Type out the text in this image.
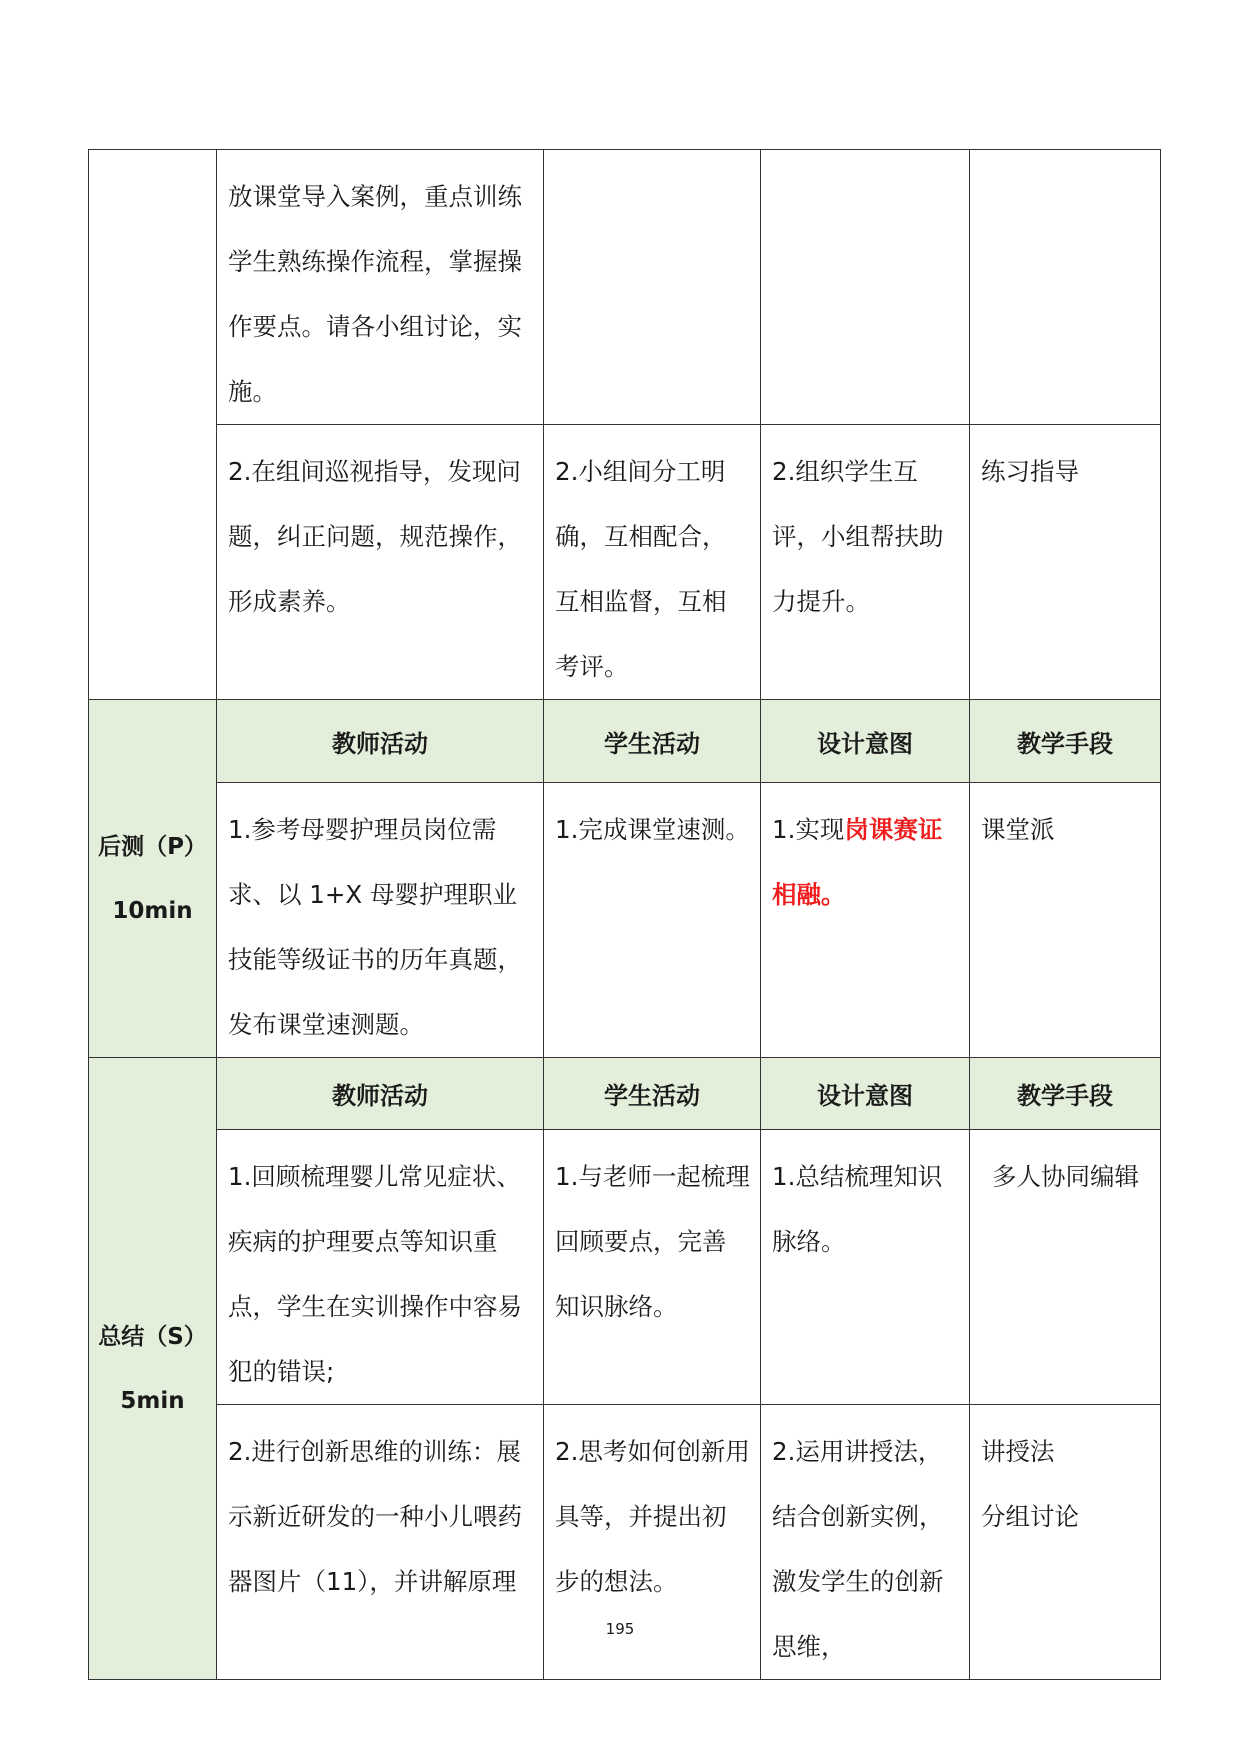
	放课堂导入案例，重点训练学生熟练操作流程，掌握操作要点。请各小组讨论，实施。			
	2.在组间巡视指导，发现问题，纠正问题，规范操作，形成素养。	2.小组间分工明确，互相配合，互相监督，互相考评。	2.组织学生互评，小组帮扶助力提升。	练习指导

后测（P）
10min	教师活动	学生活动	设计意图	教学手段
	1.参考母婴护理员岗位需求、以 1+X 母婴护理职业技能等级证书的历年真题，发布课堂速测题。	1.完成课堂速测。	1.实现岗课赛证相融。	课堂派

总结（S）
5min	教师活动	学生活动	设计意图	教学手段
	1.回顾梳理婴儿常见症状、疾病的护理要点等知识重点，学生在实训操作中容易犯的错误;	1.与老师一起梳理回顾要点，完善知识脉络。	1.总结梳理知识脉络。	多人协同编辑
	2.进行创新思维的训练：展示新近研发的一种小儿喂药器图片（11），并讲解原理	2.思考如何创新用具等，并提出初步的想法。	2.运用讲授法，结合创新实例，激发学生的创新思维，	讲授法
分组讨论
195
